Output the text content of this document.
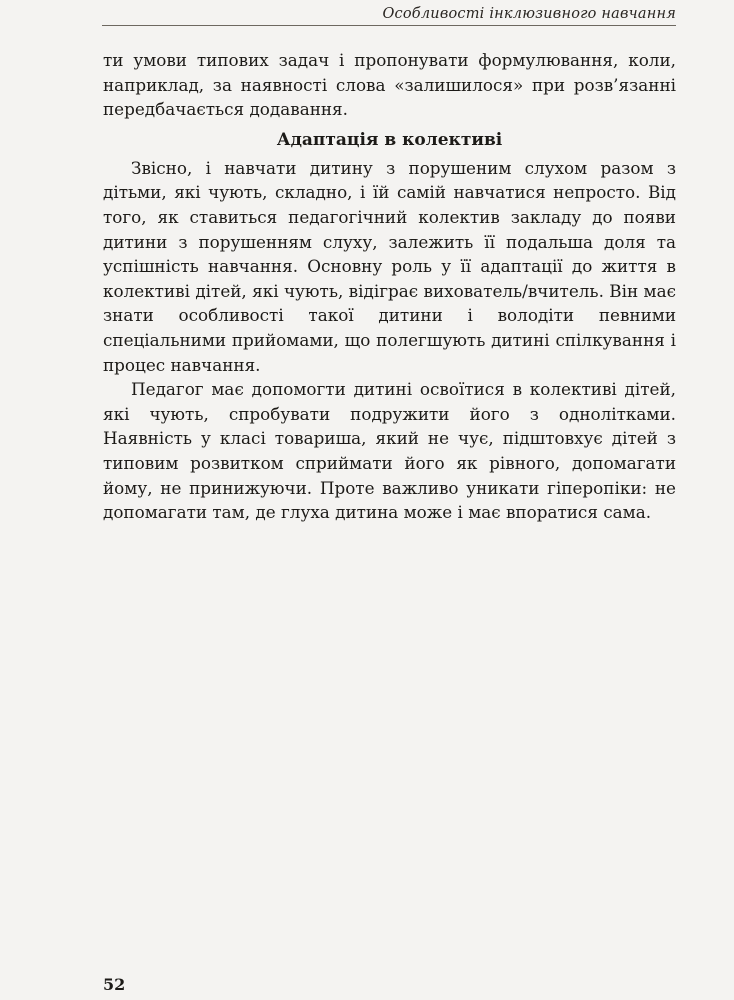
Особливості інклюзивного навчання

ти умови типових задач і пропонувати формулювання, коли, наприклад, за наявності слова «залишилося» при розв’язанні передбачається додавання.

Адаптація в колективі

Звісно, і навчати дитину з порушеним слухом разом з дітьми, які чують, складно, і їй самій навчатися непросто. Від того, як ставиться педагогічний колектив закладу до появи дитини з порушенням слуху, залежить її подальша доля та успішність навчання. Основну роль у її адаптації до життя в колективі дітей, які чують, відіграє вихователь/вчитель. Він має знати особливості такої дитини і володіти певними спеціальними прийомами, що полегшують дитині спілкування і процес навчання.

Педагог має допомогти дитині освоїтися в колективі дітей, які чують, спробувати подружити його з однолітками. Наявність у класі товариша, який не чує, підштовхує дітей з типовим розвитком сприймати його як рівного, допомагати йому, не принижуючи. Проте важливо уникати гіперопіки: не допомагати там, де глуха дитина може і має впоратися сама.

52
